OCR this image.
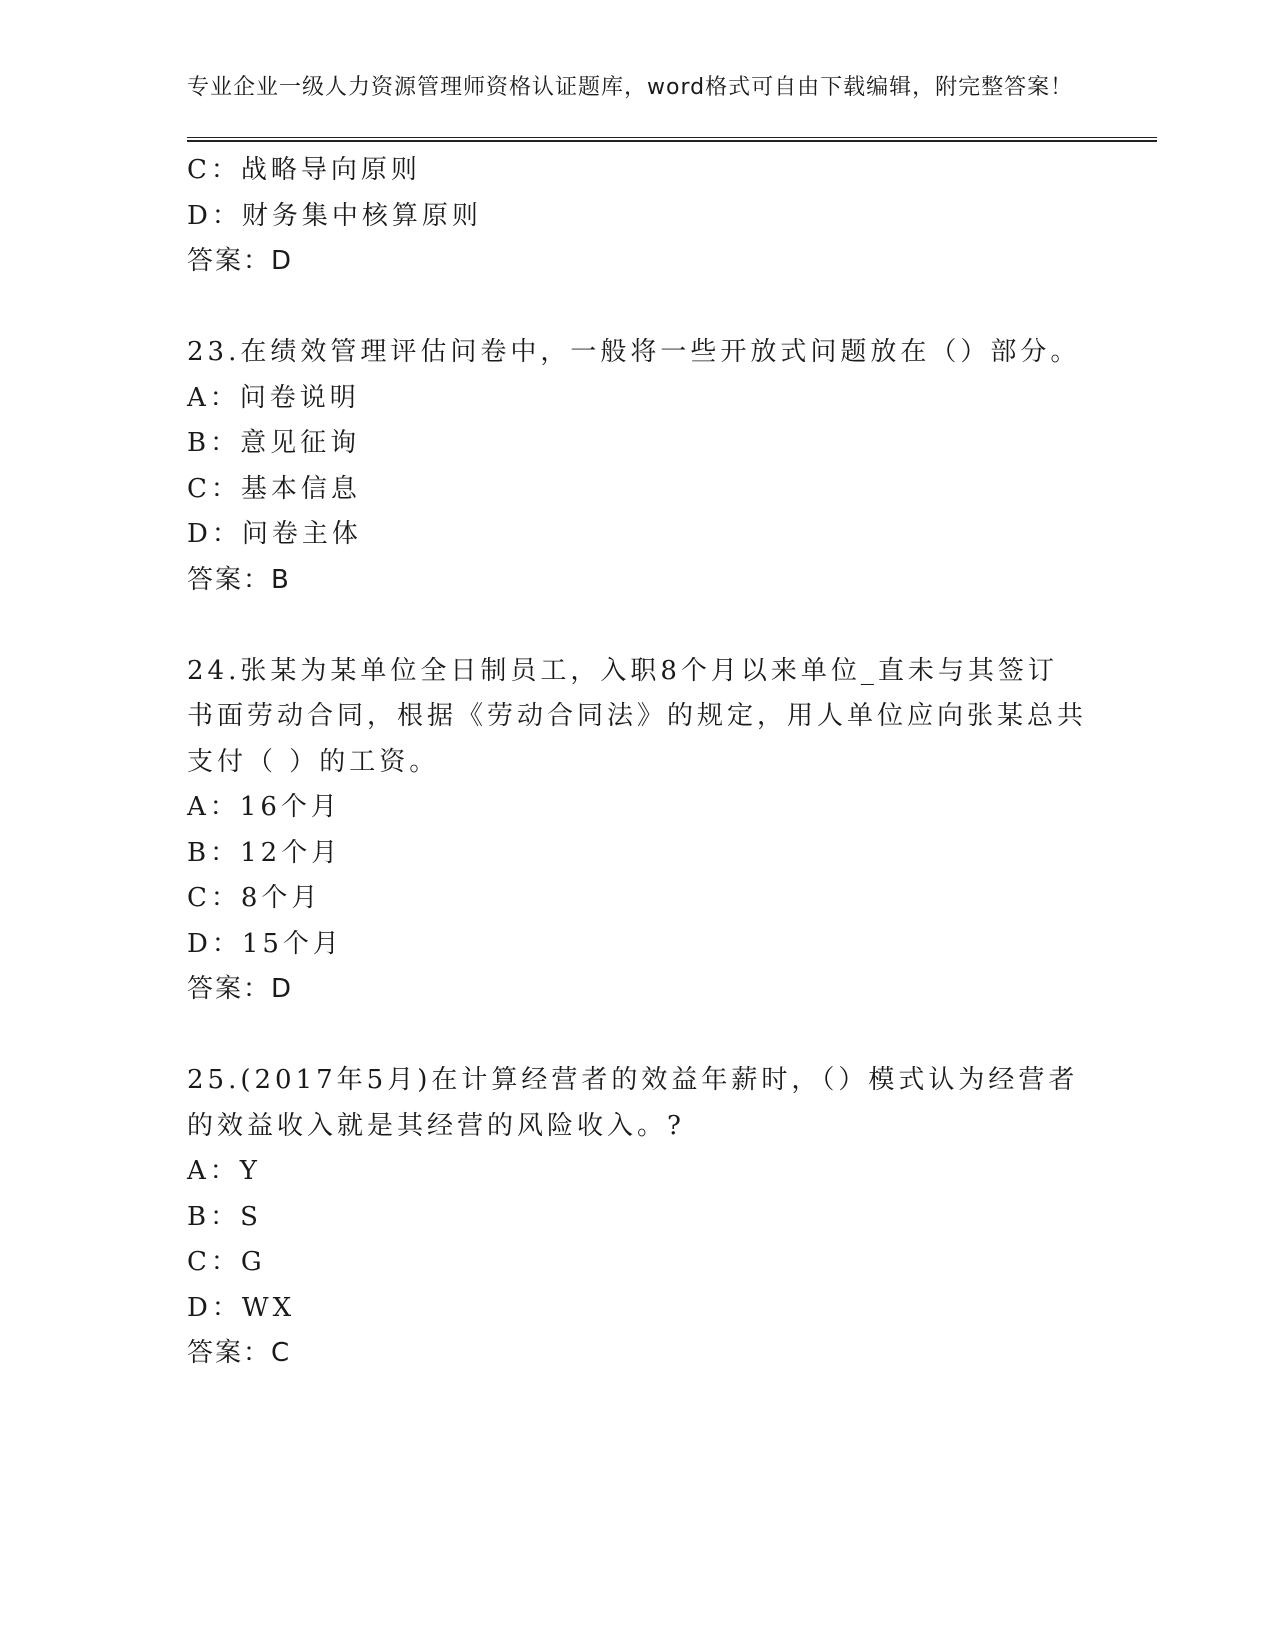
专业企业一级人力资源管理师资格认证题库，word格式可自由下载编辑，附完整答案！

C：战略导向原则
D：财务集中核算原则
答案：D

23.在绩效管理评估问卷中，一般将一些开放式问题放在（）部分。

A：问卷说明
B：意见征询
C：基本信息
D：问卷主体
答案：B

24.张某为某单位全日制员工，入职8个月以来单位_直未与其签订书面劳动合同，根据《劳动合同法》的规定，用人单位应向张某总共支付（ ）的工资。

A：16个月
B：12个月
C：8个月
D：15个月
答案：D

25.(2017年5月)在计算经营者的效益年薪时，（）模式认为经营者的效益收入就是其经营的风险收入。?

A：Y
B：S
C：G
D：WX
答案：C
